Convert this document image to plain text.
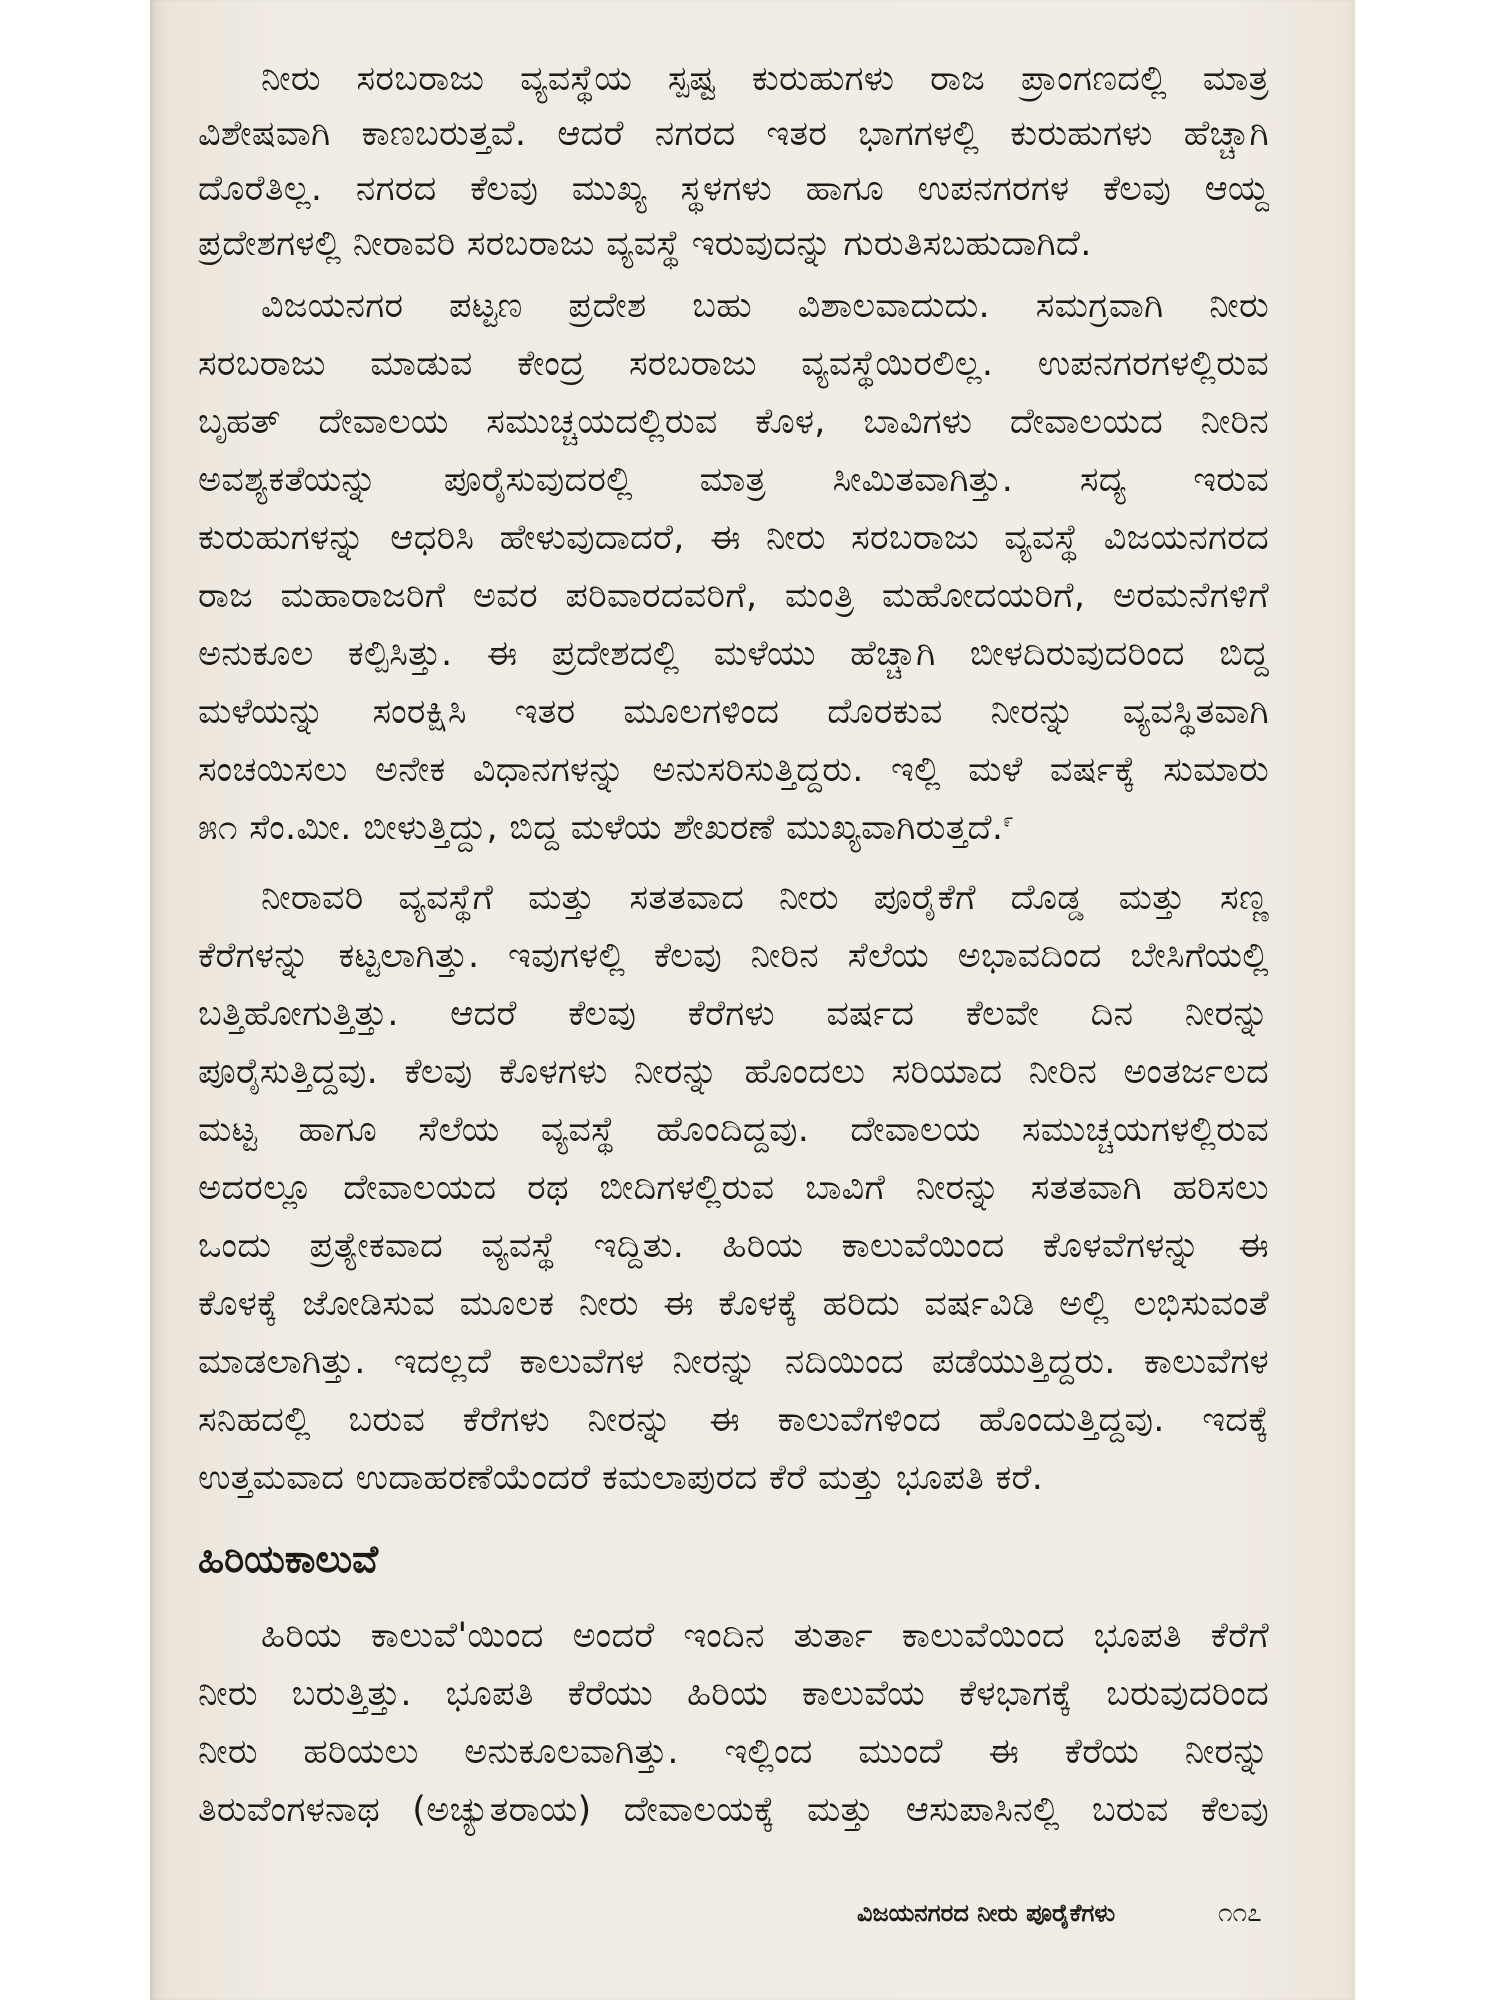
ನೀರು ಸರಬರಾಜು ವ್ಯವಸ್ಥೆಯ ಸ್ಪಷ್ಟ ಕುರುಹುಗಳು ರಾಜ ಪ್ರಾಂಗಣದಲ್ಲಿ ಮಾತ್ರ
ವಿಶೇಷವಾಗಿ ಕಾಣಬರುತ್ತವೆ. ಆದರೆ ನಗರದ ಇತರ ಭಾಗಗಳಲ್ಲಿ ಕುರುಹುಗಳು ಹೆಚ್ಚಾಗಿ
ದೊರೆತಿಲ್ಲ. ನಗರದ ಕೆಲವು ಮುಖ್ಯ ಸ್ಥಳಗಳು ಹಾಗೂ ಉಪನಗರಗಳ ಕೆಲವು ಆಯ್ದ
ಪ್ರದೇಶಗಳಲ್ಲಿ ನೀರಾವರಿ ಸರಬರಾಜು ವ್ಯವಸ್ಥೆ ಇರುವುದನ್ನು ಗುರುತಿಸಬಹುದಾಗಿದೆ.
ವಿಜಯನಗರ ಪಟ್ಟಣ ಪ್ರದೇಶ ಬಹು ವಿಶಾಲವಾದುದು. ಸಮಗ್ರವಾಗಿ ನೀರು
ಸರಬರಾಜು ಮಾಡುವ ಕೇಂದ್ರ ಸರಬರಾಜು ವ್ಯವಸ್ಥೆಯಿರಲಿಲ್ಲ. ಉಪನಗರಗಳಲ್ಲಿರುವ
ಬೃಹತ್ ದೇವಾಲಯ ಸಮುಚ್ಚಯದಲ್ಲಿರುವ ಕೊಳ, ಬಾವಿಗಳು ದೇವಾಲಯದ ನೀರಿನ
ಅವಶ್ಯಕತೆಯನ್ನು ಪೂರೈಸುವುದರಲ್ಲಿ ಮಾತ್ರ ಸೀಮಿತವಾಗಿತ್ತು. ಸದ್ಯ ಇರುವ
ಕುರುಹುಗಳನ್ನು ಆಧರಿಸಿ ಹೇಳುವುದಾದರೆ, ಈ ನೀರು ಸರಬರಾಜು ವ್ಯವಸ್ಥೆ ವಿಜಯನಗರದ
ರಾಜ ಮಹಾರಾಜರಿಗೆ ಅವರ ಪರಿವಾರದವರಿಗೆ, ಮಂತ್ರಿ ಮಹೋದಯರಿಗೆ, ಅರಮನೆಗಳಿಗೆ
ಅನುಕೂಲ ಕಲ್ಪಿಸಿತ್ತು. ಈ ಪ್ರದೇಶದಲ್ಲಿ ಮಳೆಯು ಹೆಚ್ಚಾಗಿ ಬೀಳದಿರುವುದರಿಂದ ಬಿದ್ದ
ಮಳೆಯನ್ನು ಸಂರಕ್ಷಿಸಿ ಇತರ ಮೂಲಗಳಿಂದ ದೊರಕುವ ನೀರನ್ನು ವ್ಯವಸ್ಥಿತವಾಗಿ
ಸಂಚಯಿಸಲು ಅನೇಕ ವಿಧಾನಗಳನ್ನು ಅನುಸರಿಸುತ್ತಿದ್ದರು. ಇಲ್ಲಿ ಮಳೆ ವರ್ಷಕ್ಕೆ ಸುಮಾರು
೫೧ ಸೆಂ.ಮೀ. ಬೀಳುತ್ತಿದ್ದು, ಬಿದ್ದ ಮಳೆಯ ಶೇಖರಣೆ ಮುಖ್ಯವಾಗಿರುತ್ತದೆ.$^೯$
ನೀರಾವರಿ ವ್ಯವಸ್ಥೆಗೆ ಮತ್ತು ಸತತವಾದ ನೀರು ಪೂರೈಕೆಗೆ ದೊಡ್ಡ ಮತ್ತು ಸಣ್ಣ
ಕೆರೆಗಳನ್ನು ಕಟ್ಟಲಾಗಿತ್ತು. ಇವುಗಳಲ್ಲಿ ಕೆಲವು ನೀರಿನ ಸೆಲೆಯ ಅಭಾವದಿಂದ ಬೇಸಿಗೆಯಲ್ಲಿ
ಬತ್ತಿಹೋಗುತ್ತಿತ್ತು. ಆದರೆ ಕೆಲವು ಕೆರೆಗಳು ವರ್ಷದ ಕೆಲವೇ ದಿನ ನೀರನ್ನು
ಪೂರೈಸುತ್ತಿದ್ದವು. ಕೆಲವು ಕೊಳಗಳು ನೀರನ್ನು ಹೊಂದಲು ಸರಿಯಾದ ನೀರಿನ ಅಂತರ್ಜಲದ
ಮಟ್ಟ ಹಾಗೂ ಸೆಲೆಯ ವ್ಯವಸ್ಥೆ ಹೊಂದಿದ್ದವು. ದೇವಾಲಯ ಸಮುಚ್ಚಯಗಳಲ್ಲಿರುವ
ಅದರಲ್ಲೂ ದೇವಾಲಯದ ರಥ ಬೀದಿಗಳಲ್ಲಿರುವ ಬಾವಿಗೆ ನೀರನ್ನು ಸತತವಾಗಿ ಹರಿಸಲು
ಒಂದು ಪ್ರತ್ಯೇಕವಾದ ವ್ಯವಸ್ಥೆ ಇದ್ದಿತು. ಹಿರಿಯ ಕಾಲುವೆಯಿಂದ ಕೊಳವೆಗಳನ್ನು ಈ
ಕೊಳಕ್ಕೆ ಜೋಡಿಸುವ ಮೂಲಕ ನೀರು ಈ ಕೊಳಕ್ಕೆ ಹರಿದು ವರ್ಷವಿಡಿ ಅಲ್ಲಿ ಲಭಿಸುವಂತೆ
ಮಾಡಲಾಗಿತ್ತು. ಇದಲ್ಲದೆ ಕಾಲುವೆಗಳ ನೀರನ್ನು ನದಿಯಿಂದ ಪಡೆಯುತ್ತಿದ್ದರು. ಕಾಲುವೆಗಳ
ಸನಿಹದಲ್ಲಿ ಬರುವ ಕೆರೆಗಳು ನೀರನ್ನು ಈ ಕಾಲುವೆಗಳಿಂದ ಹೊಂದುತ್ತಿದ್ದವು. ಇದಕ್ಕೆ
ಉತ್ತಮವಾದ ಉದಾಹರಣೆಯೆಂದರೆ ಕಮಲಾಪುರದ ಕೆರೆ ಮತ್ತು ಭೂಪತಿ ಕರೆ.
ಹಿರಿಯಕಾಲುವೆ
ಹಿರಿಯ ಕಾಲುವೆ'ಯಿಂದ ಅಂದರೆ ಇಂದಿನ ತುರ್ತಾ ಕಾಲುವೆಯಿಂದ ಭೂಪತಿ ಕೆರೆಗೆ
ನೀರು ಬರುತ್ತಿತ್ತು. ಭೂಪತಿ ಕೆರೆಯು ಹಿರಿಯ ಕಾಲುವೆಯ ಕೆಳಭಾಗಕ್ಕೆ ಬರುವುದರಿಂದ
ನೀರು ಹರಿಯಲು ಅನುಕೂಲವಾಗಿತ್ತು. ಇಲ್ಲಿಂದ ಮುಂದೆ ಈ ಕೆರೆಯ ನೀರನ್ನು
ತಿರುವೆಂಗಳನಾಥ (ಅಚ್ಯುತರಾಯ) ದೇವಾಲಯಕ್ಕೆ ಮತ್ತು ಆಸುಪಾಸಿನಲ್ಲಿ ಬರುವ ಕೆಲವು
ವಿಜಯನಗರದ ನೀರು ಪೂರೈಕೆಗಳು	೧೧೭
